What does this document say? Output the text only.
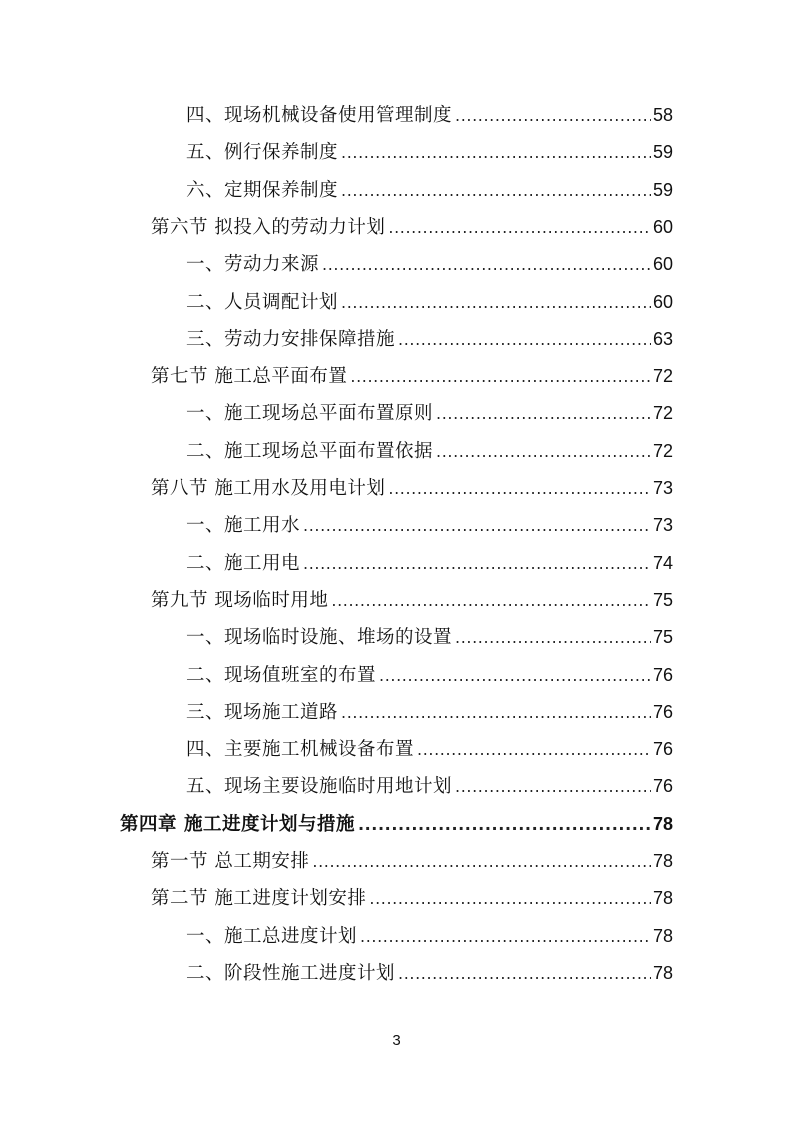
四、现场机械设备使用管理制度 .....	58
五、例行保养制度 .....	59
六、定期保养制度 .....	59
第六节 拟投入的劳动力计划 .....	60
一、劳动力来源 .....	60
二、人员调配计划 .....	60
三、劳动力安排保障措施 .....	63
第七节 施工总平面布置 .....	72
一、施工现场总平面布置原则 .....	72
二、施工现场总平面布置依据 .....	72
第八节 施工用水及用电计划 .....	73
一、施工用水 .....	73
二、施工用电 .....	74
第九节 现场临时用地 .....	75
一、现场临时设施、堆场的设置 .....	75
二、现场值班室的布置 .....	76
三、现场施工道路 .....	76
四、主要施工机械设备布置 .....	76
五、现场主要设施临时用地计划 .....	76
第四章 施工进度计划与措施 .....	78
第一节 总工期安排 .....	78
第二节 施工进度计划安排 .....	78
一、施工总进度计划 .....	78
二、阶段性施工进度计划 .....	78
3
